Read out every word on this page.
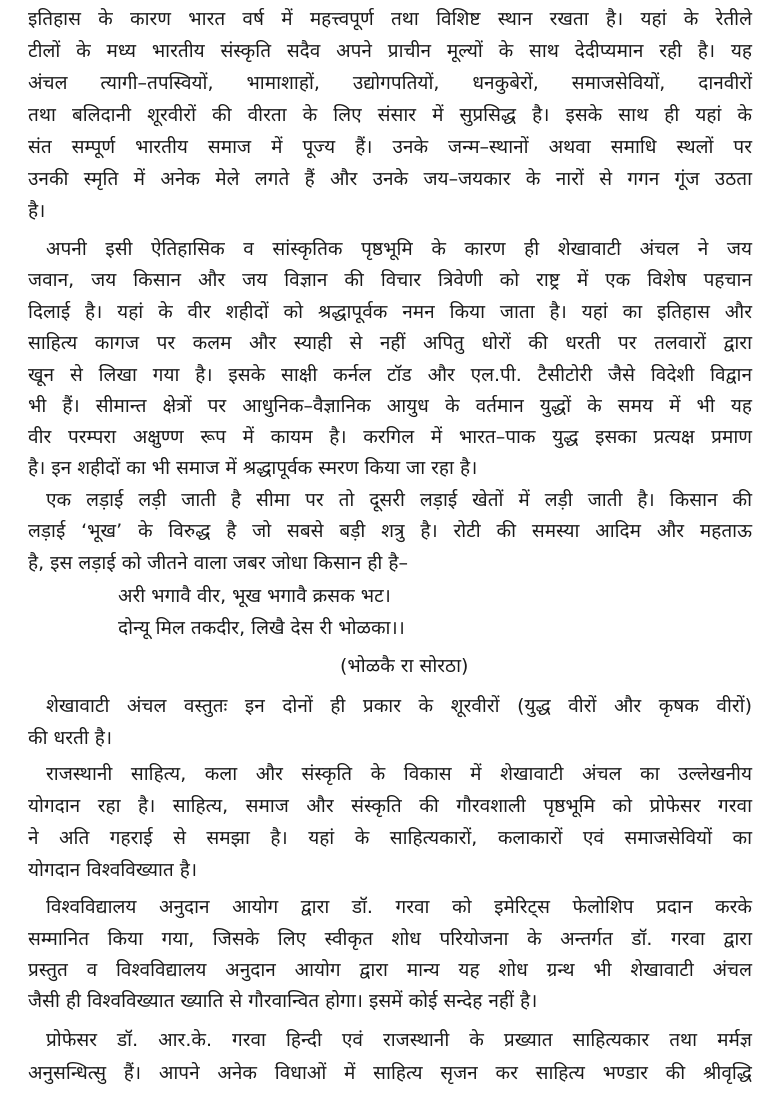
इतिहास के कारण भारत वर्ष में महत्त्वपूर्ण तथा विशिष्ट स्थान रखता है। यहां के रेतीले
टीलों के मध्य भारतीय संस्कृति सदैव अपने प्राचीन मूल्यों के साथ देदीप्यमान रही है। यह
अंचल त्यागी–तपस्वियों, भामाशाहों, उद्योगपतियों, धनकुबेरों, समाजसेवियों, दानवीरों
तथा बलिदानी शूरवीरों की वीरता के लिए संसार में सुप्रसिद्ध है। इसके साथ ही यहां के
संत सम्पूर्ण भारतीय समाज में पूज्य हैं। उनके जन्म–स्थानों अथवा समाधि स्थलों पर
उनकी स्मृति में अनेक मेले लगते हैं और उनके जय–जयकार के नारों से गगन गूंज उठता
है।
अपनी इसी ऐतिहासिक व सांस्कृतिक पृष्ठभूमि के कारण ही शेखावाटी अंचल ने जय
जवान, जय किसान और जय विज्ञान की विचार त्रिवेणी को राष्ट्र में एक विशेष पहचान
दिलाई है। यहां के वीर शहीदों को श्रद्धापूर्वक नमन किया जाता है। यहां का इतिहास और
साहित्य कागज पर कलम और स्याही से नहीं अपितु धोरों की धरती पर तलवारों द्वारा
खून से लिखा गया है। इसके साक्षी कर्नल टॉड और एल.पी. टैसीटोरी जैसे विदेशी विद्वान
भी हैं। सीमान्त क्षेत्रों पर आधुनिक–वैज्ञानिक आयुध के वर्तमान युद्धों के समय में भी यह
वीर परम्परा अक्षुण्ण रूप में कायम है। करगिल में भारत–पाक युद्ध इसका प्रत्यक्ष प्रमाण
है। इन शहीदों का भी समाज में श्रद्धापूर्वक स्मरण किया जा रहा है।
एक लड़ाई लड़ी जाती है सीमा पर तो दूसरी लड़ाई खेतों में लड़ी जाती है। किसान की
लड़ाई ‘भूख’ के विरुद्ध है जो सबसे बड़ी शत्रु है। रोटी की समस्या आदिम और महताऊ
है, इस लड़ाई को जीतने वाला जबर जोधा किसान ही है–
अरी भगावै वीर, भूख भगावै क्रसक भट।
दोन्यू मिल तकदीर, लिखै देस री भोळका।।
(भोळकै रा सोरठा)
शेखावाटी अंचल वस्तुतः इन दोनों ही प्रकार के शूरवीरों (युद्ध वीरों और कृषक वीरों)
की धरती है।
राजस्थानी साहित्य, कला और संस्कृति के विकास में शेखावाटी अंचल का उल्लेखनीय
योगदान रहा है। साहित्य, समाज और संस्कृति की गौरवशाली पृष्ठभूमि को प्रोफेसर गरवा
ने अति गहराई से समझा है। यहां के साहित्यकारों, कलाकारों एवं समाजसेवियों का
योगदान विश्वविख्यात है।
विश्वविद्यालय अनुदान आयोग द्वारा डॉ. गरवा को इमेरिट्स फेलोशिप प्रदान करके
सम्मानित किया गया, जिसके लिए स्वीकृत शोध परियोजना के अन्तर्गत डॉ. गरवा द्वारा
प्रस्तुत व विश्वविद्यालय अनुदान आयोग द्वारा मान्य यह शोध ग्रन्थ भी शेखावाटी अंचल
जैसी ही विश्वविख्यात ख्याति से गौरवान्वित होगा। इसमें कोई सन्देह नहीं है।
प्रोफेसर डॉ. आर.के. गरवा हिन्दी एवं राजस्थानी के प्रख्यात साहित्यकार तथा मर्मज्ञ
अनुसन्धित्सु हैं। आपने अनेक विधाओं में साहित्य सृजन कर साहित्य भण्डार की श्रीवृद्धि
